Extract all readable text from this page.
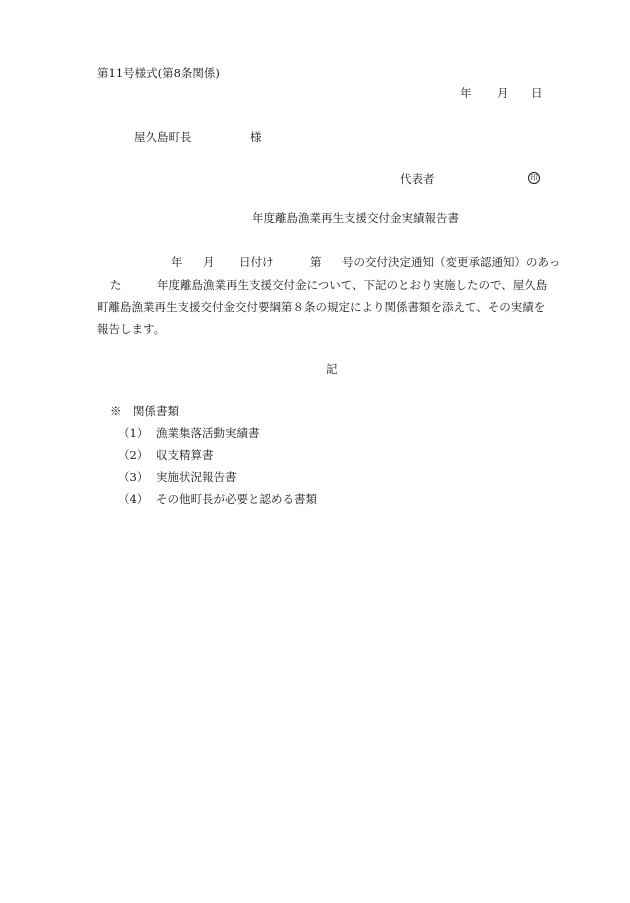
第11号様式(第8条関係)
年 月 日
屋久島町長	様
代表者	印
年度離島漁業再生支援交付金実績報告書
年 月 日付け	第 号の交付決定通知（変更承認通知）のあっ
た	年度離島漁業再生支援交付金について、下記のとおり実施したので、屋久島
町離島漁業再生支援交付金交付要綱第８条の規定により関係書類を添えて、その実績を
報告します。
記
※　関係書類
（1） 漁業集落活動実績書
（2） 収支精算書
（3） 実施状況報告書
（4） その他町長が必要と認める書類
